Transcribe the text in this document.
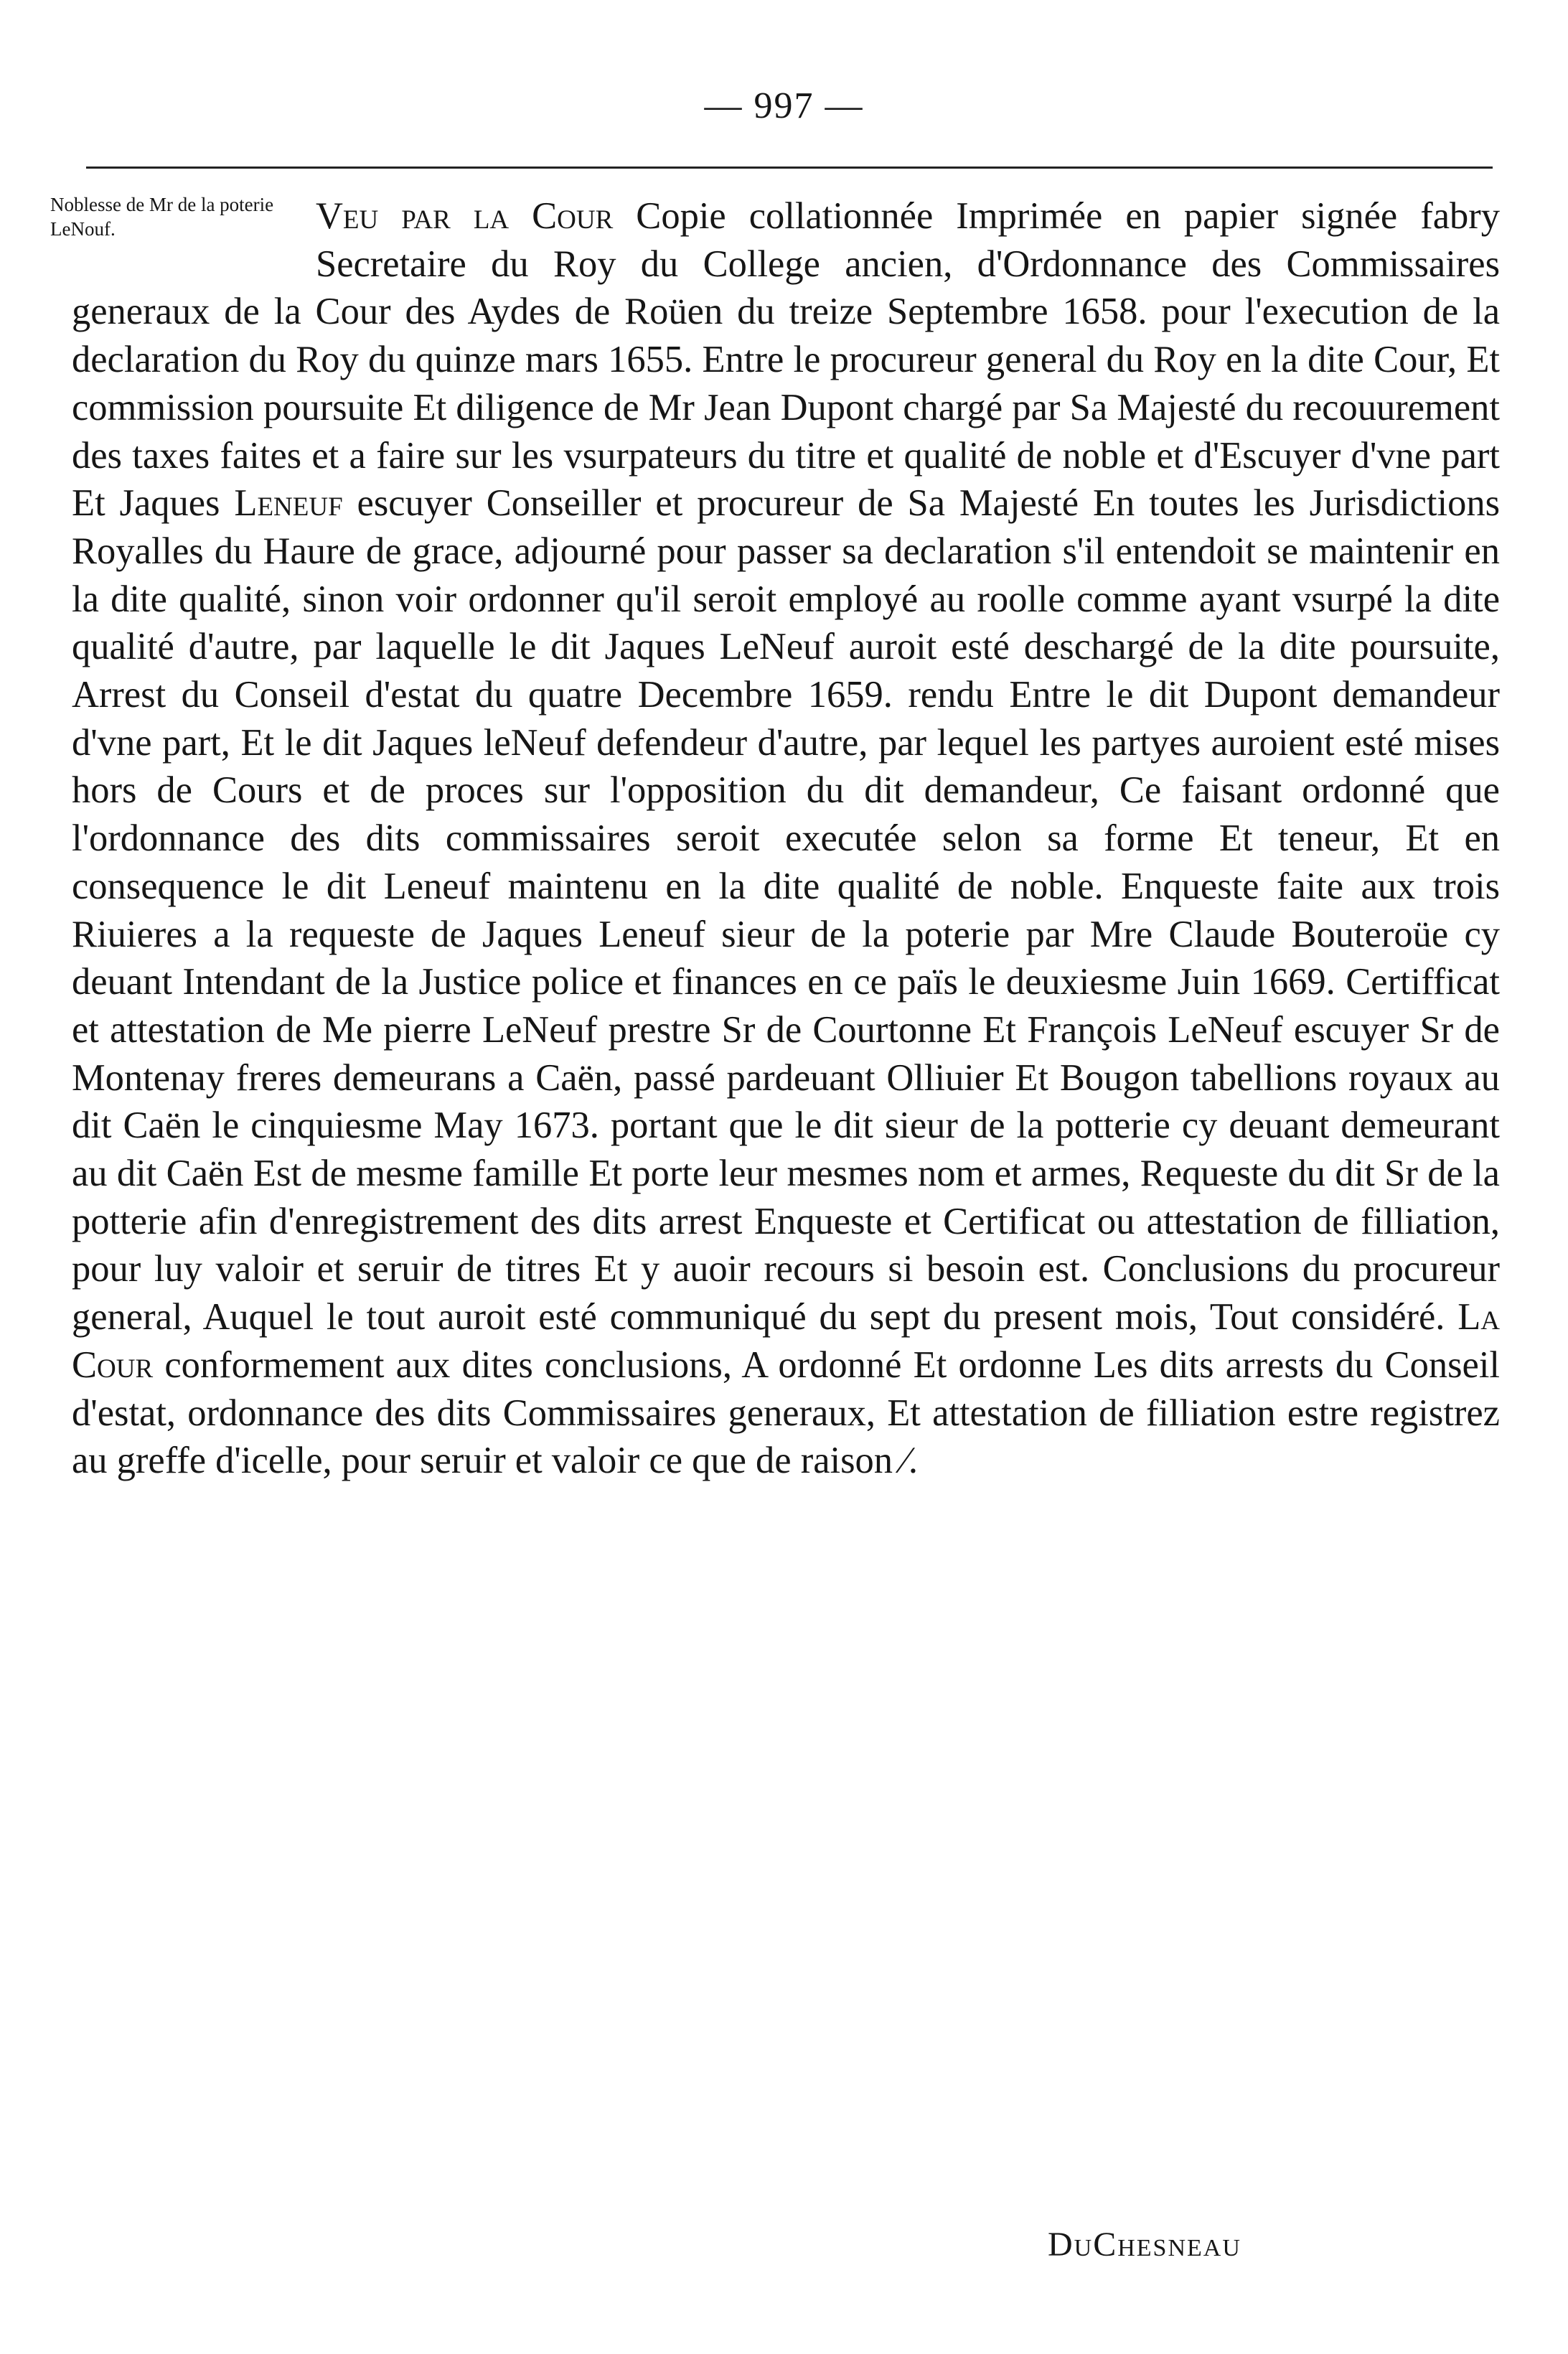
— 997 —
Noblesse de Mr de la poterie LeNouf.	Veu par la Cour Copie collationnée Imprimée en papier signée fabry Secretaire du Roy du College ancien, d'Ordonnance des Commissaires generaux de la Cour des Aydes de Roüen du treize Septembre 1658. pour l'execution de la declaration du Roy du quinze mars 1655. Entre le procureur general du Roy en la dite Cour, Et commission poursuite Et diligence de Mr Jean Dupont chargé par Sa Majesté du recouurement des taxes faites et a faire sur les vsurpateurs du titre et qualité de noble et d'Escuyer d'vne part Et Jaques Leneuf escuyer Conseiller et procureur de Sa Majesté En toutes les Jurisdictions Royalles du Haure de grace, adjourné pour passer sa declaration s'il entendoit se maintenir en la dite qualité, sinon voir ordonner qu'il seroit employé au roolle comme ayant vsurpé la dite qualité d'autre, par laquelle le dit Jaques LeNeuf auroit esté deschargé de la dite poursuite, Arrest du Conseil d'estat du quatre Decembre 1659. rendu Entre le dit Dupont demandeur d'vne part, Et le dit Jaques leNeuf defendeur d'autre, par lequel les partyes auroient esté mises hors de Cours et de proces sur l'opposition du dit demandeur, Ce faisant ordonné que l'ordonnance des dits commissaires seroit executée selon sa forme Et teneur, Et en consequence le dit Leneuf maintenu en la dite qualité de noble. Enqueste faite aux trois Riuieres a la requeste de Jaques Leneuf sieur de la poterie par Mre Claude Bouteroüe cy deuant Intendant de la Justice police et finances en ce païs le deuxiesme Juin 1669. Certifficat et attestation de Me pierre LeNeuf prestre Sr de Courtonne Et François LeNeuf escuyer Sr de Montenay freres demeurans a Caën, passé pardeuant Olliuier Et Bougon tabellions royaux au dit Caën le cinquiesme May 1673. portant que le dit sieur de la potterie cy deuant demeurant au dit Caën Est de mesme famille Et porte leur mesmes nom et armes, Requeste du dit Sr de la potterie afin d'enregistrement des dits arrest Enqueste et Certificat ou attestation de filliation, pour luy valoir et seruir de titres Et y auoir recours si besoin est. Conclusions du procureur general, Auquel le tout auroit esté communiqué du sept du present mois, Tout considéré. La Cour conformement aux dites conclusions, A ordonné Et ordonne Les dits arrests du Conseil d'estat, ordonnance des dits Commissaires generaux, Et attestation de filliation estre registrez au greffe d'icelle, pour seruir et valoir ce que de raison ⁄.
DuChesneau
